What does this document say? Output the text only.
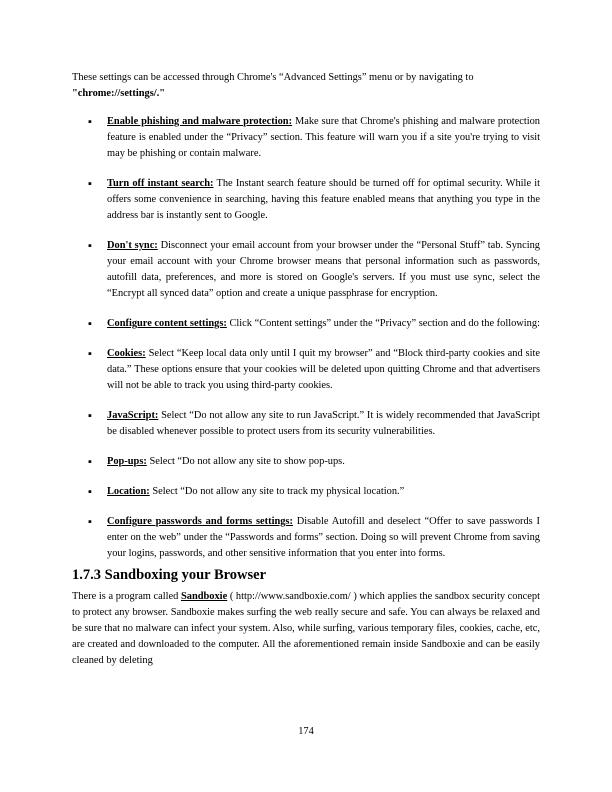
These settings can be accessed through Chrome's “Advanced Settings” menu or by navigating to "chrome://settings/."

▪ Enable phishing and malware protection: Make sure that Chrome's phishing and malware protection feature is enabled under the “Privacy” section. This feature will warn you if a site you're trying to visit may be phishing or contain malware.
▪ Turn off instant search: The Instant search feature should be turned off for optimal security. While it offers some convenience in searching, having this feature enabled means that anything you type in the address bar is instantly sent to Google.
▪ Don't sync: Disconnect your email account from your browser under the “Personal Stuff” tab. Syncing your email account with your Chrome browser means that personal information such as passwords, autofill data, preferences, and more is stored on Google's servers. If you must use sync, select the “Encrypt all synced data” option and create a unique passphrase for encryption.
▪ Configure content settings: Click “Content settings” under the “Privacy” section and do the following:
▪ Cookies: Select “Keep local data only until I quit my browser” and “Block third-party cookies and site data.” These options ensure that your cookies will be deleted upon quitting Chrome and that advertisers will not be able to track you using third-party cookies.
▪ JavaScript: Select “Do not allow any site to run JavaScript.” It is widely recommended that JavaScript be disabled whenever possible to protect users from its security vulnerabilities.
▪ Pop-ups: Select “Do not allow any site to show pop-ups.
▪ Location: Select “Do not allow any site to track my physical location.”
▪ Configure passwords and forms settings: Disable Autofill and deselect “Offer to save passwords I enter on the web” under the “Passwords and forms” section. Doing so will prevent Chrome from saving your logins, passwords, and other sensitive information that you enter into forms.
1.7.3 Sandboxing your Browser

There is a program called Sandboxie ( http://www.sandboxie.com/ ) which applies the sandbox security concept to protect any browser. Sandboxie makes surfing the web really secure and safe. You can always be relaxed and be sure that no malware can infect your system. Also, while surfing, various temporary files, cookies, cache, etc, are created and downloaded to the computer. All the aforementioned remain inside Sandboxie and can be easily cleaned by deleting

174
